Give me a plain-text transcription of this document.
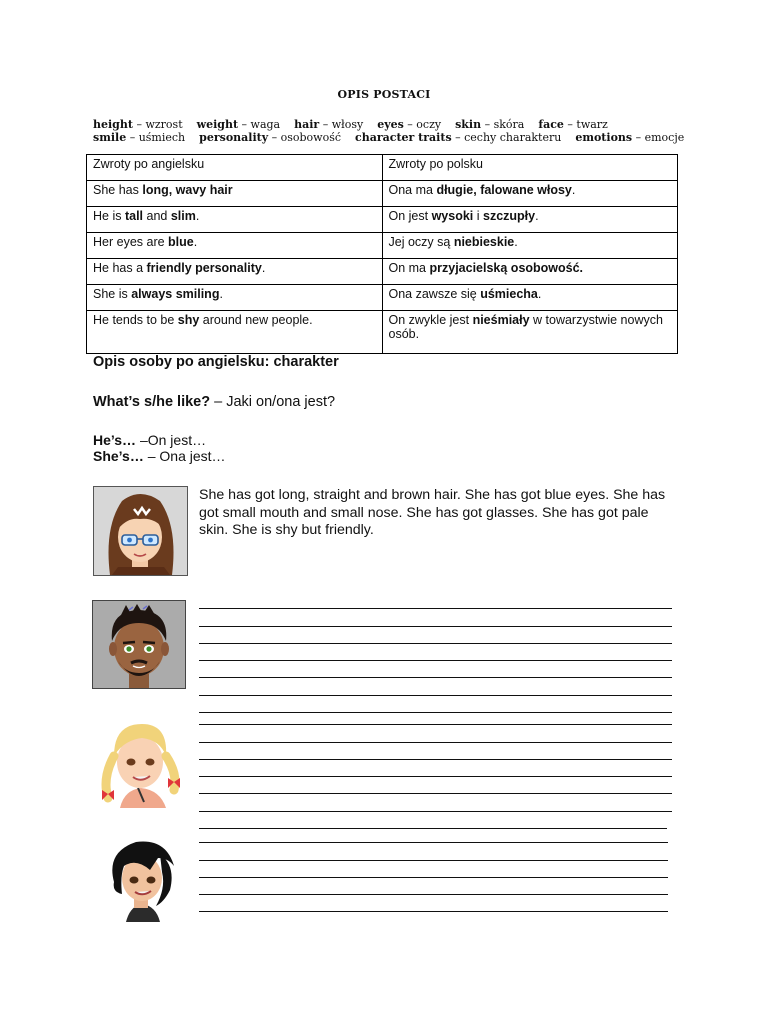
OPIS POSTACI
height – wzrost weight – waga hair – włosy eyes – oczy skin – skóra face – twarz
smile – uśmiech personality – osobowość character traits – cechy charakteru emotions – emocje
Zwroty po angielsku	Zwroty po polsku
She has long, wavy hair	Ona ma długie, falowane włosy.
He is tall and slim.	On jest wysoki i szczupły.
Her eyes are blue.	Jej oczy są niebieskie.
He has a friendly personality.	On ma przyjacielską osobowość.
She is always smiling.	Ona zawsze się uśmiecha.
He tends to be shy around new people.	On zwykle jest nieśmiały w towarzystwie nowych osób.
Opis osoby po angielsku: charakter
What’s s/he like? – Jaki on/ona jest?
He’s… –On jest…
She’s… – Ona jest…
She has got long, straight and brown hair. She has got blue eyes. She has got small mouth and small nose. She has got glasses. She has got pale skin. She is shy but friendly.
